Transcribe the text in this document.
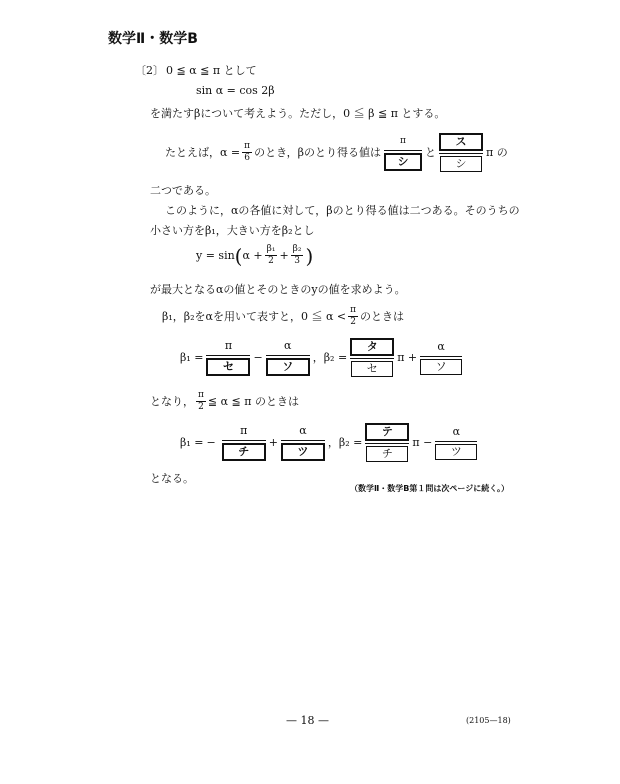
数学Ⅱ・数学B
〔2〕 0 ≦ α ≦ π として
sin α = cos 2β
を満たすβについて考えよう。ただし，0 ≦ β ≦ π とする。
たとえば，$\alpha = \frac{\pi}{6}$ のとき，βのとり得る値は
π
シ
と
ス
シ
π の
二つである。
このように，αの各値に対して，βのとり得る値は二つある。そのうちの
小さい方をβ₁，大きい方をβ₂とし
y = sin ( $\alpha + \frac{\text{β₁}}{2} + \frac{\text{β₂}}{3}$ )
が最大となるαの値とそのときのyの値を求めよう。
β₁，β₂をαを用いて表すと，0 ≦ $\alpha < \frac{\pi}{2}$ のときは
β₁ =
π
セ
−
α
ソ
，β₂ =
タ
セ
π +
α
ソ
となり， $\frac{\pi}{2}$ ≦ α ≦ π のときは
β₁ = −
π
チ
+
α
ツ
，β₂ =
テ
チ
π −
α
ツ
となる。
（数学Ⅱ・数学B第１問は次ページに続く。）
— 18 —	(2105—18)
